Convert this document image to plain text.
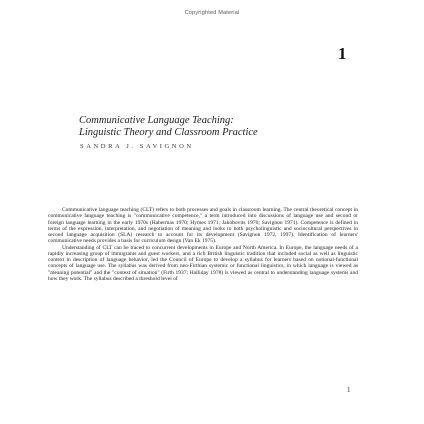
Copyrighted Material
1
Communicative Language Teaching:
Linguistic Theory and Classroom Practice
SANDRA J. SAVIGNON

Communicative language teaching (CLT) refers to both processes and goals in classroom learning. The central theoretical concept in communicative language teaching is "communicative competence," a term introduced into discussions of language use and second or foreign language learning in the early 1970s (Habermas 1970; Hymes 1971; Jakobovits 1970; Savignon 1971). Competence is defined in terms of the expression, interpretation, and negotiation of meaning and looks to both psycholinguistic and sociocultural perspectives in second language acquisition (SLA) research to account for its development (Savignon 1972, 1997). Identification of learners' communicative needs provides a basis for curriculum design (Van Ek 1975).

Understanding of CLT can be traced to concurrent developments in Europe and North America. In Europe, the language needs of a rapidly increasing group of immigrants and guest workers, and a rich British linguistic tradition that included social as well as linguistic context in description of language behavior, led the Council of Europe to develop a syllabus for learners based on notional-functional concepts of language use. The syllabus was derived from neo-Firthian systemic or functional linguistics, in which language is viewed as "meaning potential" and the "context of situation" (Firth 1937; Halliday 1978) is viewed as central to understanding language systems and how they work. The syllabus described a threshold level of

1
